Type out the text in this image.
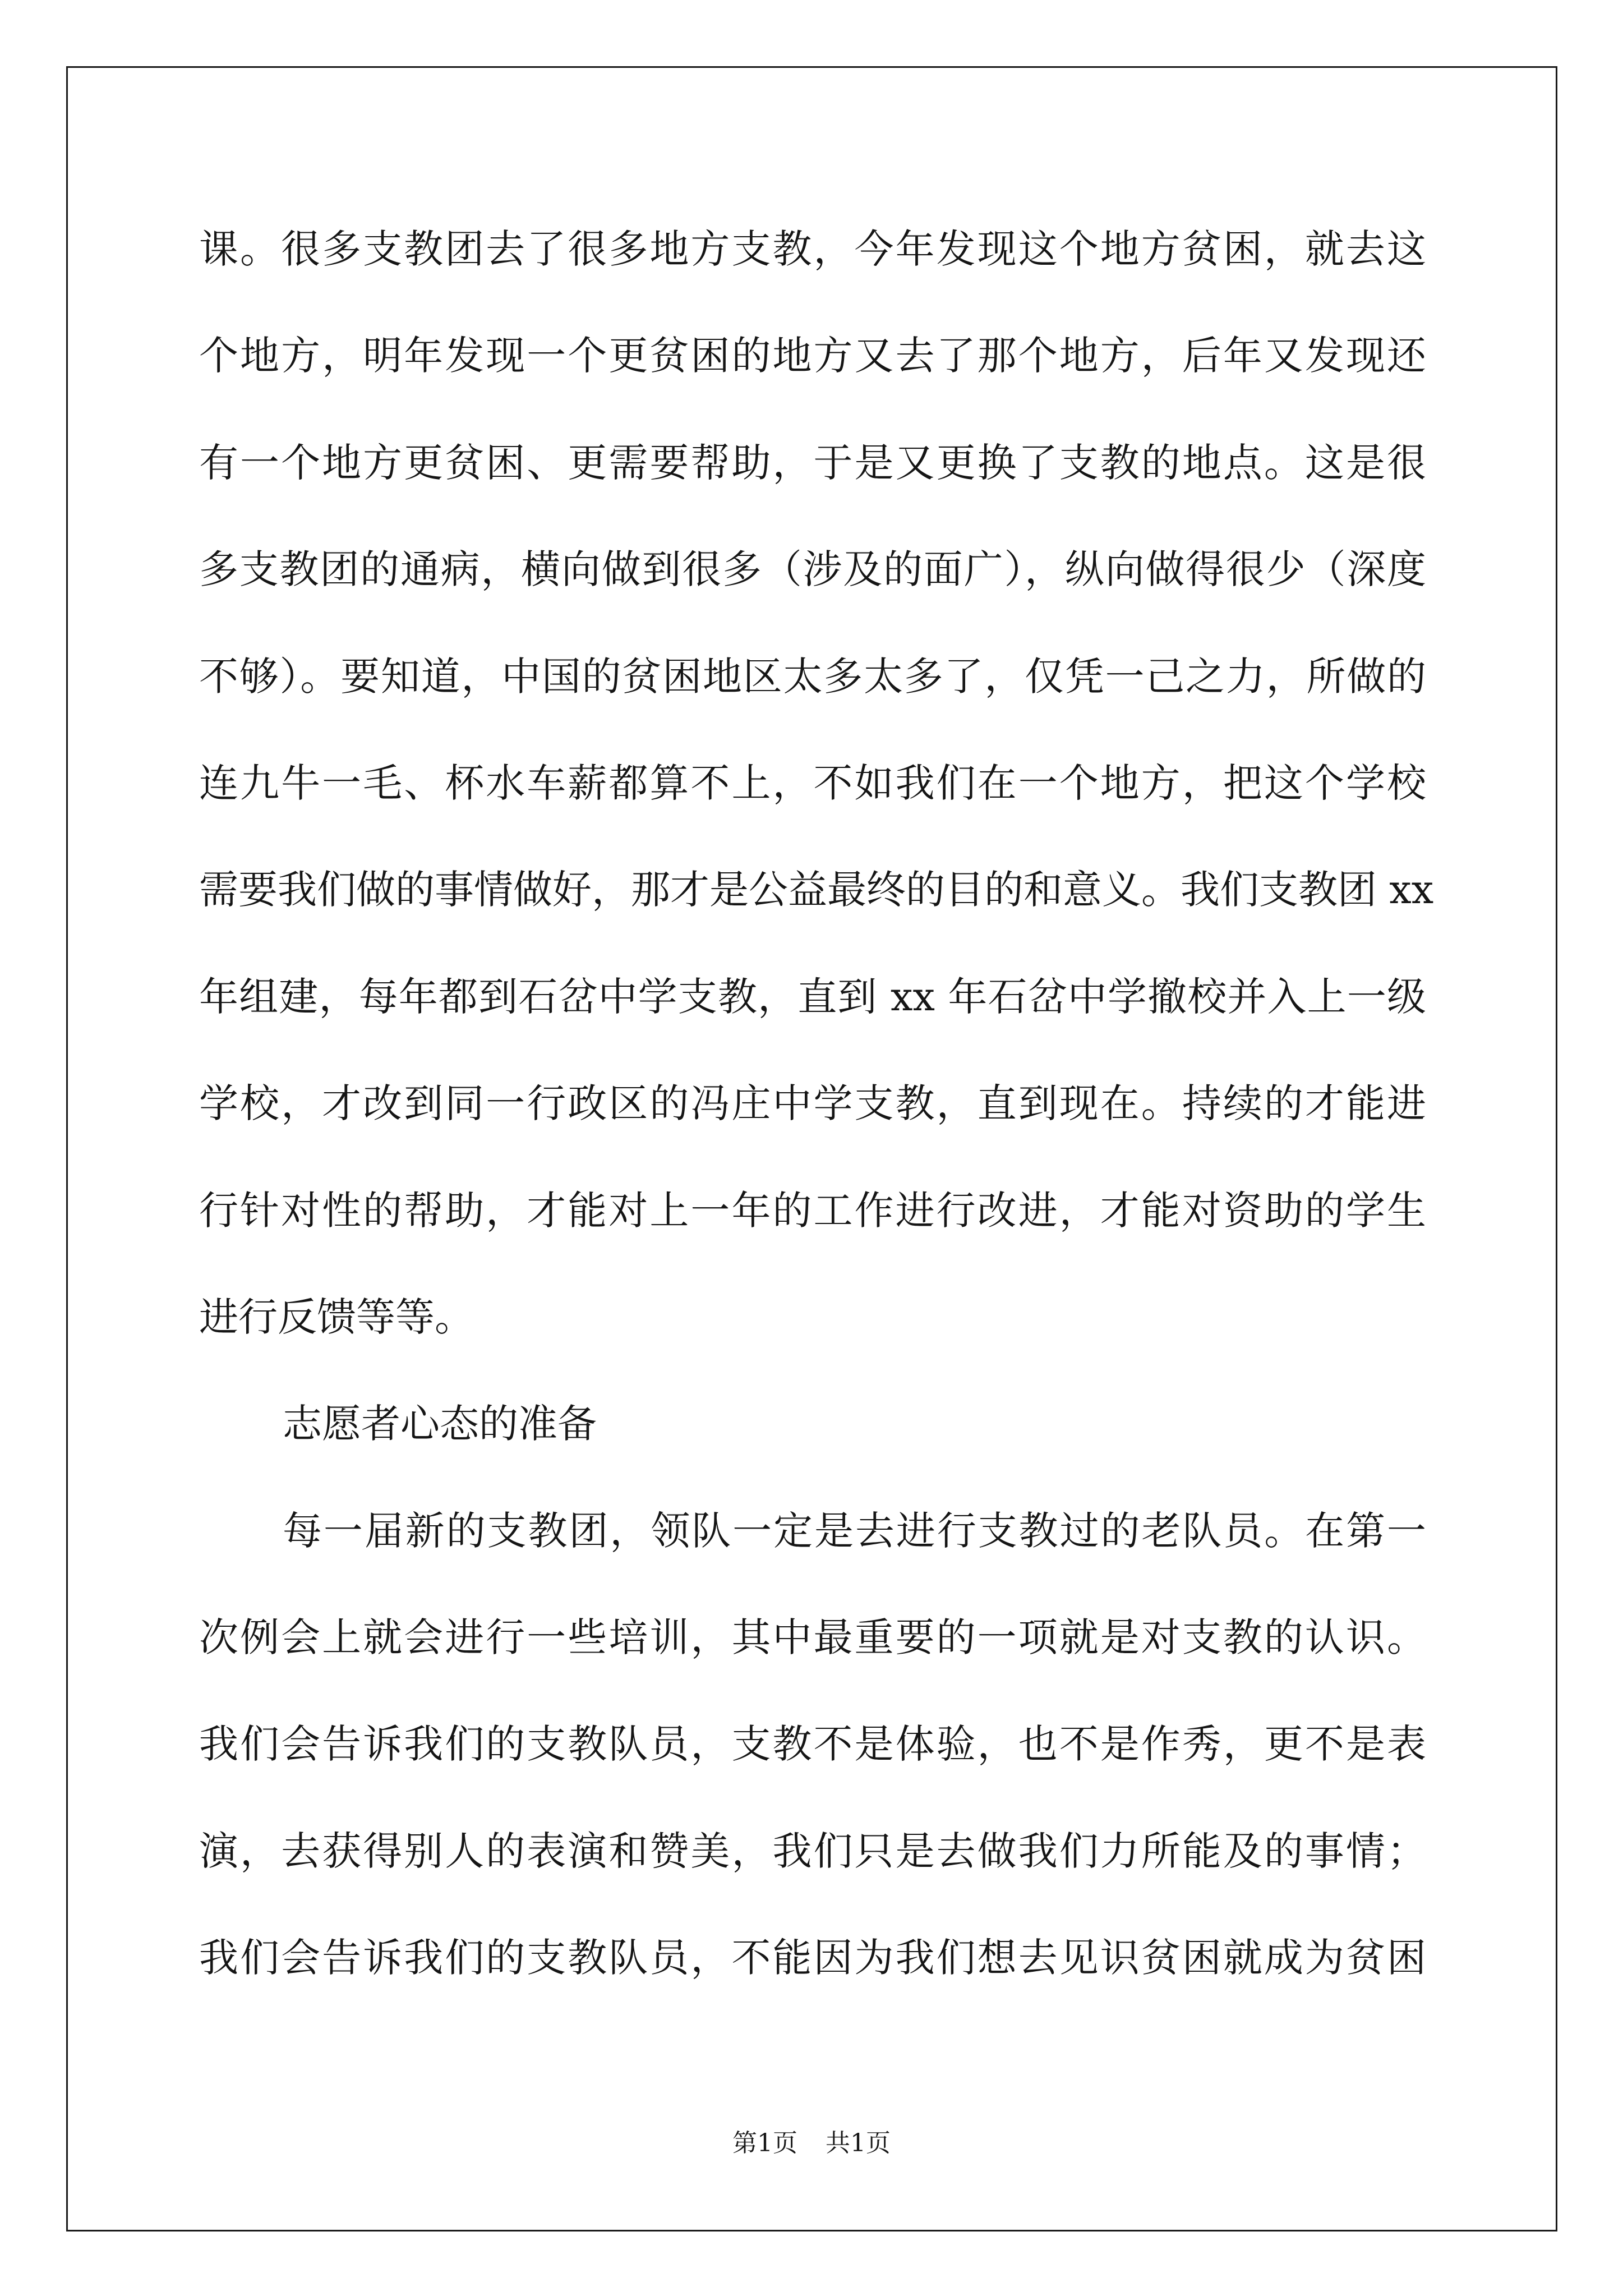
课。很多支教团去了很多地方支教，今年发现这个地方贫困，就去这
个地方，明年发现一个更贫困的地方又去了那个地方，后年又发现还
有一个地方更贫困、更需要帮助，于是又更换了支教的地点。这是很
多支教团的通病，横向做到很多（涉及的面广），纵向做得很少（深度
不够）。要知道，中国的贫困地区太多太多了，仅凭一己之力，所做的
连九牛一毛、杯水车薪都算不上，不如我们在一个地方，把这个学校
需要我们做的事情做好，那才是公益最终的目的和意义。我们支教团 xx
年组建，每年都到石岔中学支教，直到 xx 年石岔中学撤校并入上一级
学校，才改到同一行政区的冯庄中学支教，直到现在。持续的才能进
行针对性的帮助，才能对上一年的工作进行改进，才能对资助的学生
进行反馈等等。
志愿者心态的准备
每一届新的支教团，领队一定是去进行支教过的老队员。在第一
次例会上就会进行一些培训，其中最重要的一项就是对支教的认识。
我们会告诉我们的支教队员，支教不是体验，也不是作秀，更不是表
演，去获得别人的表演和赞美，我们只是去做我们力所能及的事情；
我们会告诉我们的支教队员，不能因为我们想去见识贫困就成为贫困
第1页 共1页
